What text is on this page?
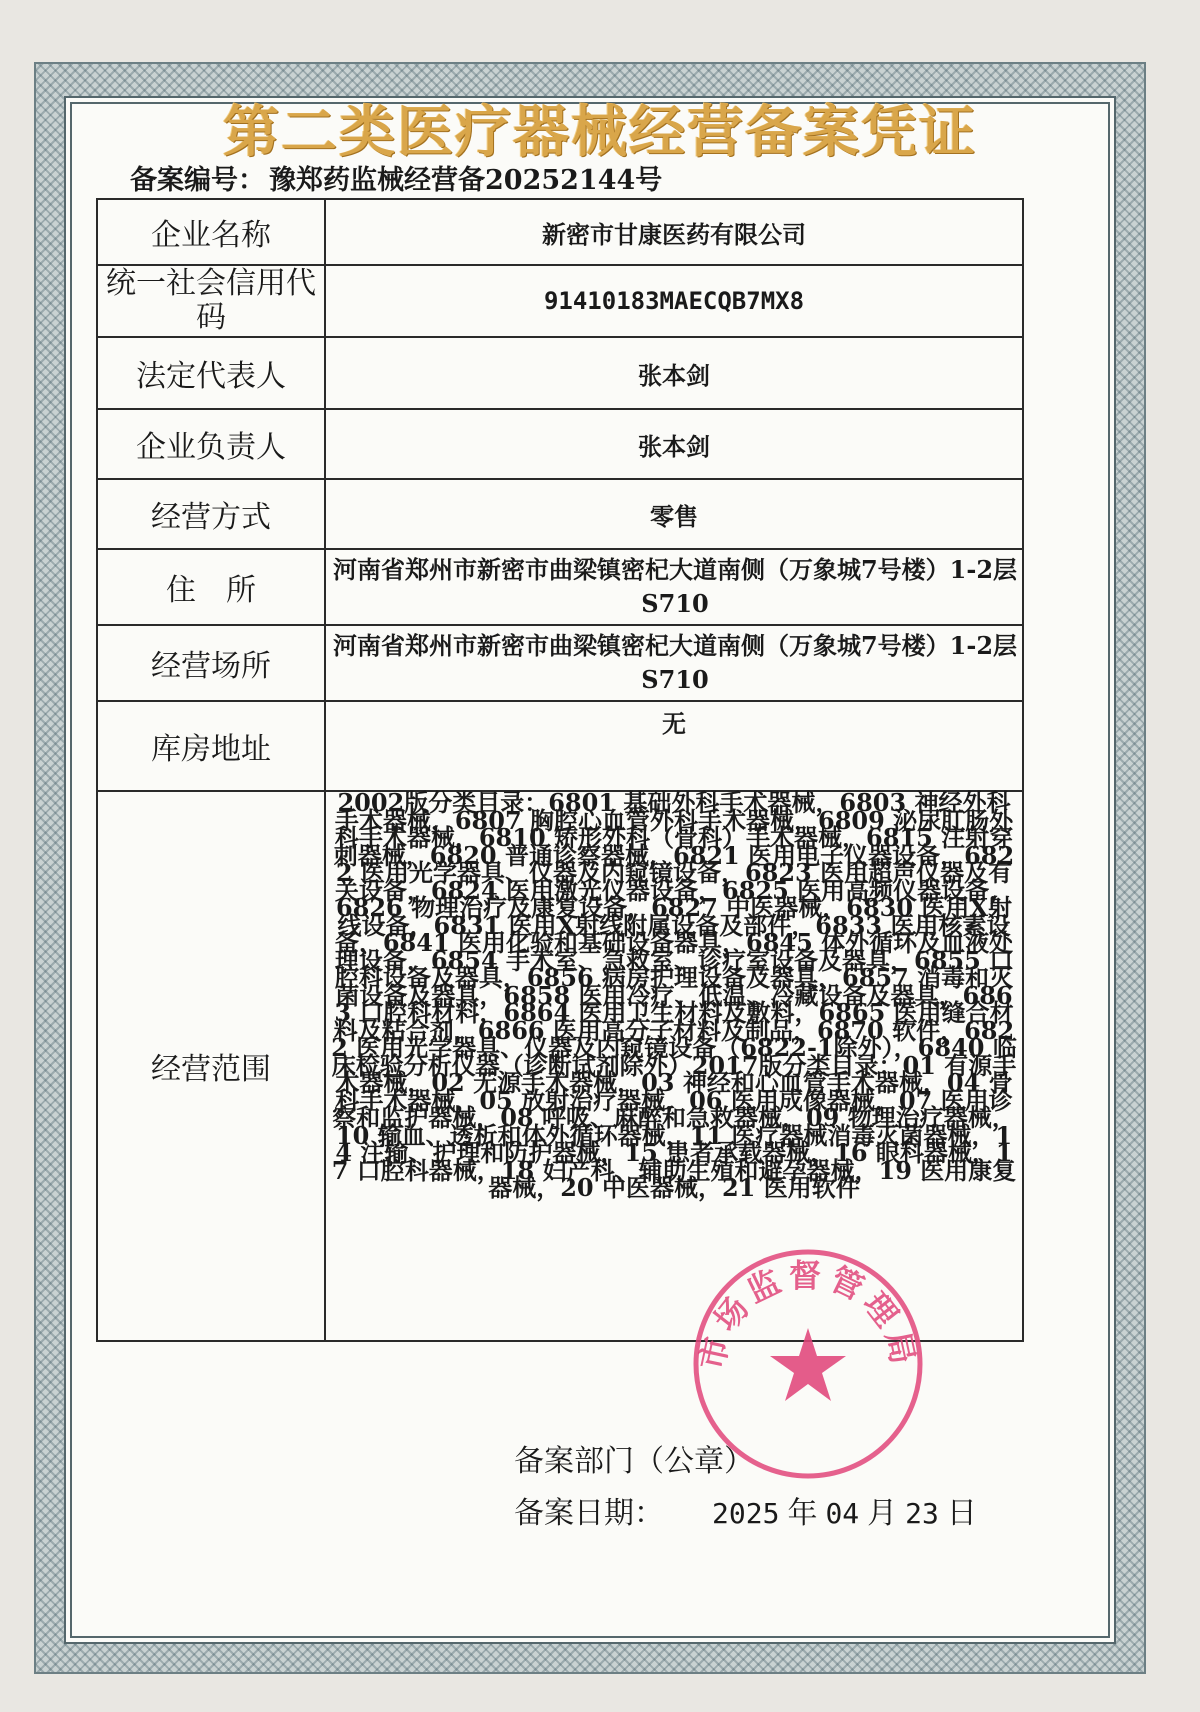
第二类医疗器械经营备案凭证
备案编号： 豫郑药监械经营备20252144号
企业名称	新密市甘康医药有限公司
统一社会信用代码	91410183MAECQB7MX8
法定代表人	张本剑
企业负责人	张本剑
经营方式	零售
住　所	河南省郑州市新密市曲梁镇密杞大道南侧（万象城7号楼）1-2层S710
经营场所	河南省郑州市新密市曲梁镇密杞大道南侧（万象城7号楼）1-2层S710
库房地址	无
经营范围	2002版分类目录：6801 基础外科手术器械，6803 神经外科手术器械，6807 胸腔心血管外科手术器械，6809 泌尿肛肠外科手术器械，6810 矫形外科（骨科）手术器械，6815 注射穿刺器械，6820 普通诊察器械，6821 医用电子仪器设备，6822 医用光学器具、仪器及内窥镜设备，6823 医用超声仪器及有关设备，6824 医用激光仪器设备，6825 医用高频仪器设备，6826 物理治疗及康复设备，6827 中医器械，6830 医用X射线设备，6831 医用X射线附属设备及部件，6833 医用核素设备，6841 医用化验和基础设备器具，6845 体外循环及血液处理设备，6854 手术室、急救室、诊疗室设备及器具，6855 口腔科设备及器具，6856 病房护理设备及器具，6857 消毒和灭菌设备及器具，6858 医用冷疗、低温、冷藏设备及器具，6863 口腔科材料，6864 医用卫生材料及敷料，6865 医用缝合材料及粘合剂，6866 医用高分子材料及制品，6870 软件，6822 医用光学器具、仪器及内窥镜设备（6822-1除外），6840 临床检验分析仪器（诊断试剂除外）2017版分类目录：01 有源手术器械，02 无源手术器械，03 神经和心血管手术器械，04 骨科手术器械，05 放射治疗器械，06 医用成像器械，07 医用诊察和监护器械，08 呼吸、麻醉和急救器械，09 物理治疗器械，10 输血、透析和体外循环器械，11 医疗器械消毒灭菌器械，14 注输、护理和防护器械，15 患者承载器械，16 眼科器械，17 口腔科器械，18 妇产科、辅助生殖和避孕器械，19 医用康复器械，20 中医器械，21 医用软件
市场监督管理局
备案部门（公章）
备案日期： 2025 年 04 月 23 日
